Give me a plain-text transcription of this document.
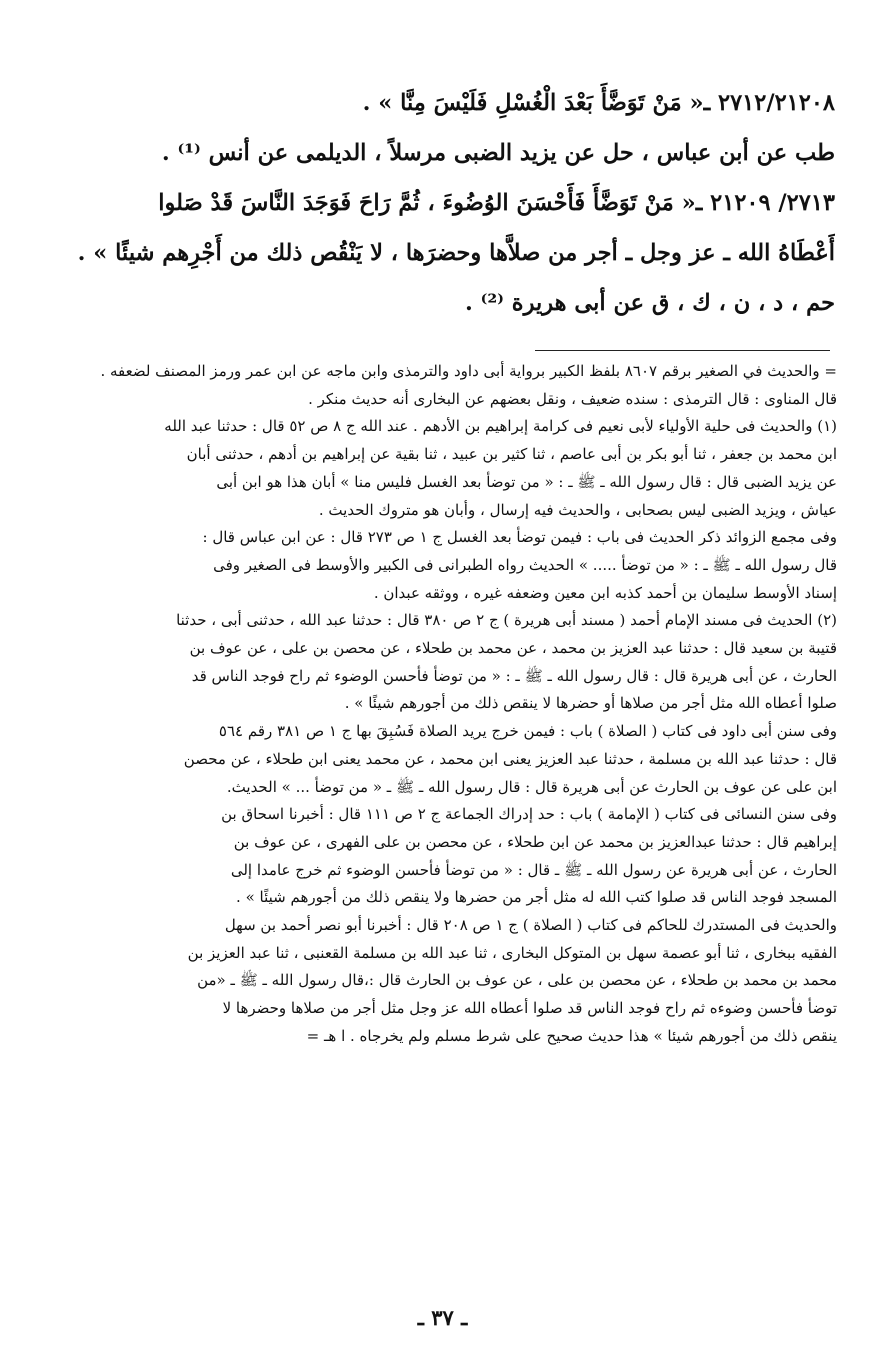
٢٧١٢/٢١٢٠٨ ـ« مَنْ تَوَضَّأَ بَعْدَ الْغُسْلِ فَلَيْسَ مِنَّا » .
طب عن أبن عباس ، حل عن يزيد الضبى مرسلاً ، الديلمى عن أنس ⁽¹⁾ .
٢٧١٣/ ٢١٢٠٩ ـ« مَنْ تَوَضَّأَ فَأَحْسَنَ الوُضُوءَ ، ثُمَّ رَاحَ فَوَجَدَ النَّاسَ قَدْ صَلوا
أَعْطَاهُ الله ـ عز وجل ـ أجر من صلاَّها وحضرَها ، لا يَنْقُص ذلك من أَجْرِهم شيئًا » .
حم ، د ، ن ، ك ، ق عن أبى هريرة ⁽²⁾ .
= والحديث في الصغير برقم ٨٦٠٧ بلفظ الكبير برواية أبى داود والترمذى وابن ماجه عن ابن عمر ورمز المصنف لضعفه .
قال المناوى : قال الترمذى : سنده ضعيف ، ونقل بعضهم عن البخارى أنه حديث منكر .
(١) والحديث فى حلية الأولياء لأبى نعيم فى كرامة إبراهيم بن الأدهم . عند الله ج ٨ ص ٥٢ قال : حدثنا عبد الله
ابن محمد بن جعفر ، ثنا أبو بكر بن أبى عاصم ، ثنا كثير بن عبيد ، ثنا بقية عن إبراهيم بن أدهم ، حدثنى أبان
عن يزيد الضبى قال : قال رسول الله ـ ﷺ ـ : « من توضأ بعد الغسل فليس منا » أبان هذا هو ابن أبى
عياش ، ويزيد الضبى ليس بصحابى ، والحديث فيه إرسال ، وأبان هو متروك الحديث .
وفى مجمع الزوائد ذكر الحديث فى باب : فيمن توضأ بعد الغسل ج ١ ص ٢٧٣ قال : عن ابن عباس قال :
قال رسول الله ـ ﷺ ـ : « من توضأ ..... » الحديث رواه الطبرانى فى الكبير والأوسط فى الصغير وفى
إسناد الأوسط سليمان بن أحمد كذبه ابن معين وضعفه غيره ، ووثقه عبدان .
(٢) الحديث فى مسند الإمام أحمد ( مسند أبى هريرة ) ج ٢ ص ٣٨٠ قال : حدثنا عبد الله ، حدثنى أبى ، حدثنا
قتيبة بن سعيد قال : حدثنا عبد العزيز بن محمد ، عن محمد بن طحلاء ، عن محصن بن على ، عن عوف بن
الحارث ، عن أبى هريرة قال : قال رسول الله ـ ﷺ ـ : « من توضأ فأحسن الوضوء ثم راح فوجد الناس قد
صلوا أعطاه الله مثل أجر من صلاها أو حضرها لا ينقص ذلك من أجورهم شيئًا » .
وفى سنن أبى داود فى كتاب ( الصلاة ) باب : فيمن خرج يريد الصلاة فَسُبِقَ بها ج ١ ص ٣٨١ رقم ٥٦٤
قال : حدثنا عبد الله بن مسلمة ، حدثنا عبد العزيز يعنى ابن محمد ، عن محمد يعنى ابن طحلاء ، عن محصن
ابن على عن عوف بن الحارث عن أبى هريرة قال : قال رسول الله ـ ﷺ ـ « من توضأ ... » الحديث.
وفى سنن النسائى فى كتاب ( الإمامة ) باب : حد إدراك الجماعة ج ٢ ص ١١١ قال : أخبرنا اسحاق بن
إبراهيم قال : حدثنا عبدالعزيز بن محمد عن ابن طحلاء ، عن محصن بن على الفهرى ، عن عوف بن
الحارث ، عن أبى هريرة عن رسول الله ـ ﷺ ـ قال : « من توضأ فأحسن الوضوء ثم خرج عامدا إلى
المسجد فوجد الناس قد صلوا كتب الله له مثل أجر من حضرها ولا ينقص ذلك من أجورهم شيئًا » .
والحديث فى المستدرك للحاكم فى كتاب ( الصلاة ) ج ١ ص ٢٠٨ قال : أخبرنا أبو نصر أحمد بن سهل
الفقيه ببخارى ، ثنا أبو عصمة سهل بن المتوكل البخارى ، ثنا عبد الله بن مسلمة القعنبى ، ثنا عبد العزيز بن
محمد بن محمد بن طحلاء ، عن محصن بن على ، عن عوف بن الحارث قال :،قال رسول الله ـ ﷺ ـ «من
توضأ فأحسن وضوءه ثم راح فوجد الناس قد صلوا أعطاه الله عز وجل مثل أجر من صلاها وحضرها لا
ينقص ذلك من أجورهم شيئا » هذا حديث صحيح على شرط مسلم ولم يخرجاه . ا هـ =
ـ ٣٧ ـ
